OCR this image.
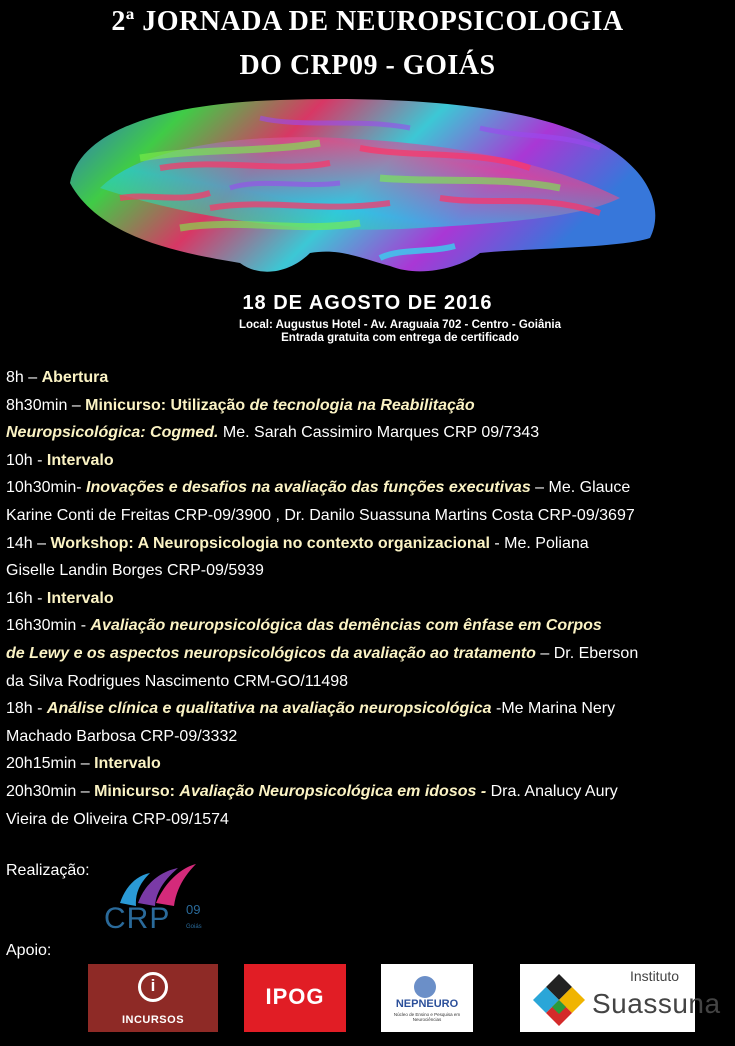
2ª JORNADA DE NEUROPSICOLOGIA
DO CRP09 - GOIÁS
18 DE AGOSTO DE 2016
Local: Augustus Hotel - Av. Araguaia 702 - Centro - Goiânia
Entrada gratuita com entrega de certificado
8h – Abertura
8h30min – Minicurso: Utilização de tecnologia na Reabilitação
Neuropsicológica: Cogmed. Me. Sarah Cassimiro Marques CRP 09/7343
10h - Intervalo
10h30min- Inovações e desafios na avaliação das funções executivas – Me. Glauce
Karine Conti de Freitas CRP-09/3900 , Dr. Danilo Suassuna Martins Costa CRP-09/3697
14h – Workshop: A Neuropsicologia no contexto organizacional - Me. Poliana
Giselle Landin Borges CRP-09/5939
16h - Intervalo
16h30min - Avaliação neuropsicológica das demências com ênfase em Corpos
de Lewy e os aspectos neuropsicológicos da avaliação ao tratamento – Dr. Eberson
da Silva Rodrigues Nascimento CRM-GO/11498
18h - Análise clínica e qualitativa na avaliação neuropsicológica -Me Marina Nery
Machado Barbosa CRP-09/3332
20h15min – Intervalo
20h30min – Minicurso: Avaliação Neuropsicológica em idosos - Dra. Analucy Aury
Vieira de Oliveira CRP-09/1574
Realização:
CRP 09
Goiás
Apoio:
i
INCURSOS
IPOG	NEPNEURO
Núcleo de Ensino e Pesquisa em Neurociências
Instituto
Suassuna
